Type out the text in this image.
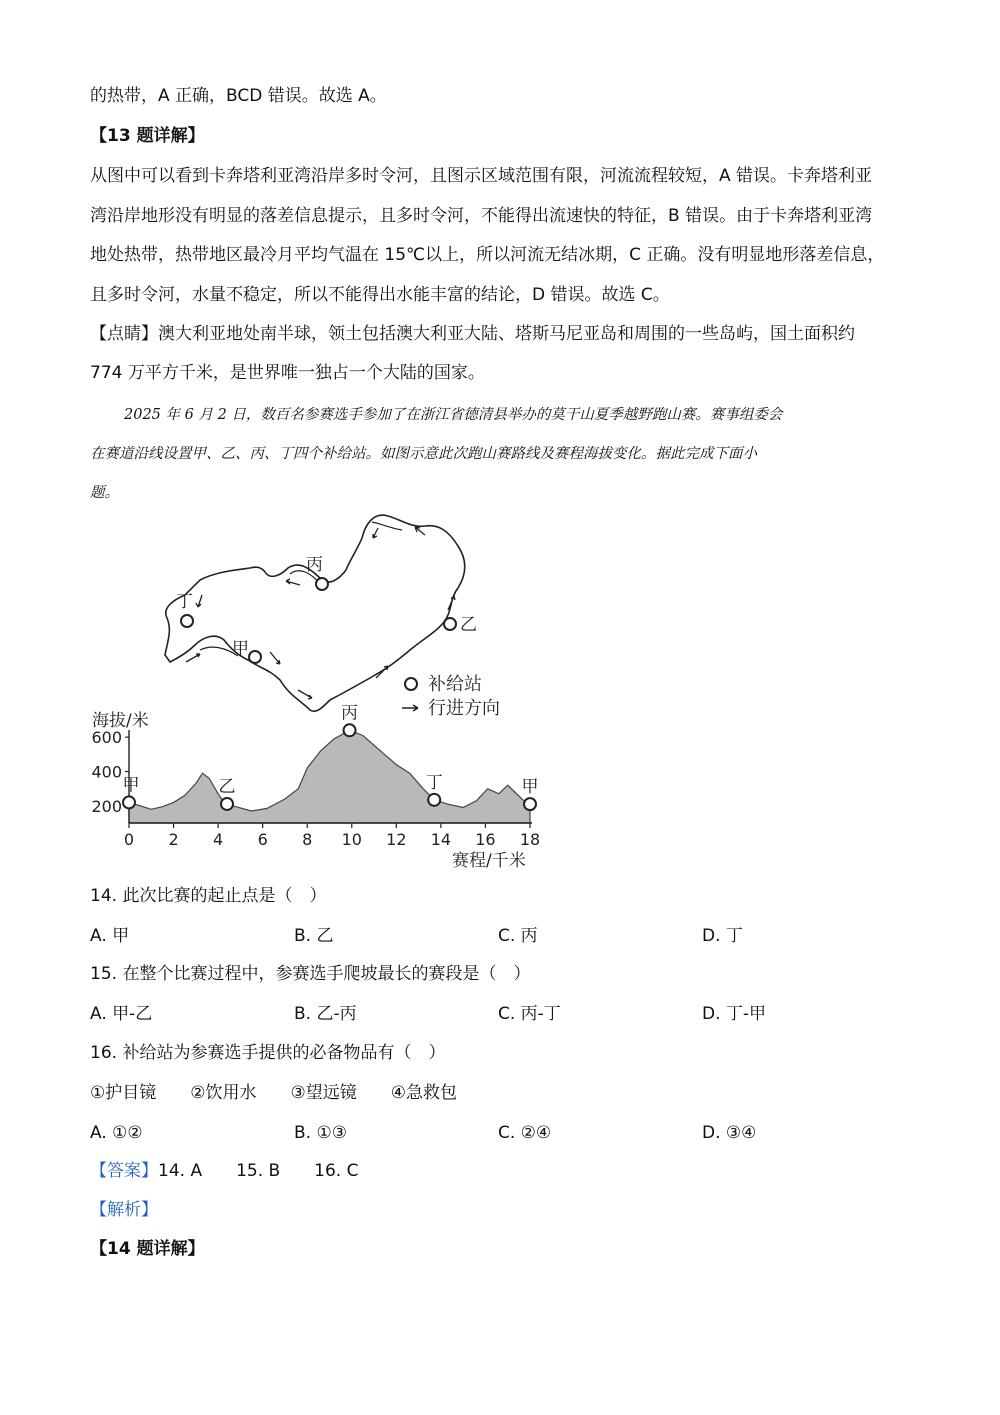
的热带，A 正确，BCD 错误。故选 A。
【13 题详解】
从图中可以看到卡奔塔利亚湾沿岸多时令河，且图示区域范围有限，河流流程较短，A 错误。卡奔塔利亚
湾沿岸地形没有明显的落差信息提示，且多时令河，不能得出流速快的特征，B 错误。由于卡奔塔利亚湾
地处热带，热带地区最冷月平均气温在 15℃以上，所以河流无结冰期，C 正确。没有明显地形落差信息，
且多时令河，水量不稳定，所以不能得出水能丰富的结论，D 错误。故选 C。
【点睛】澳大利亚地处南半球，领土包括澳大利亚大陆、塔斯马尼亚岛和周围的一些岛屿，国土面积约
774 万平方千米，是世界唯一独占一个大陆的国家。
2025 年 6 月 2 日，数百名参赛选手参加了在浙江省德清县举办的莫干山夏季越野跑山赛。赛事组委会
在赛道沿线设置甲、乙、丙、丁四个补给站。如图示意此次跑山赛路线及赛程海拔变化。据此完成下面小
题。
丁
丙
甲
乙
补给站
行进方向
海拔/米
赛程/千米
0 2 4 6 8 10 12 14 16 18
200
400
600
甲	乙
丙
丁	甲
14. 此次比赛的起止点是（　）
A. 甲	B. 乙	C. 丙	D. 丁
15. 在整个比赛过程中，参赛选手爬坡最长的赛段是（　）
A. 甲-乙	B. 乙-丙	C. 丙-丁	D. 丁-甲
16. 补给站为参赛选手提供的必备物品有（　）
①护目镜　　②饮用水　　③望远镜　　④急救包
A. ①②	B. ①③	C. ②④	D. ③④
【答案】14. A　　15. B　　16. C
【解析】
【14 题详解】
